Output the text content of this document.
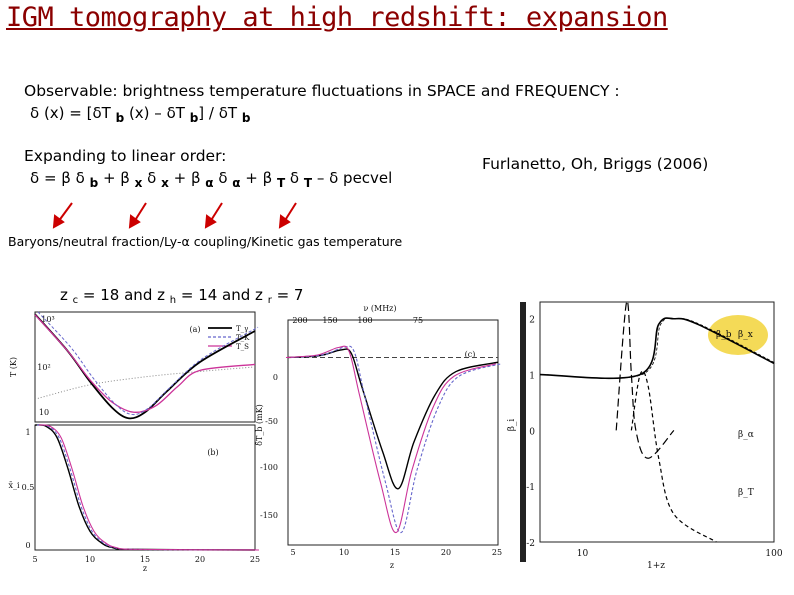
IGM tomography at high redshift: expansion
Observable: brightness temperature fluctuations in SPACE and FREQUENCY :
δ (x) = [δT $_b$ (x) – δT $_b$] / δT $_b$
Expanding to linear order:
δ = β δ $_b$ + β $_x$ δ $_x$ + β $_\alpha$ δ $_\alpha$ + β $_T$ δ $_T$ – δ pecvel
Furlanetto, Oh, Briggs (2006)
Baryons/neutral fraction/Ly-α coupling/Kinetic gas temperature
z $_c$ = 18 and z $_h$ = 14 and z $_r$ = 7
10³
10²
10
T (K)
(a)	T_γ
T_K
T_S
1
0.5
0
x̄_i
(b)
5	10	15	20	25
z
ν (MHz)
200 150 100	75
0
-50
-100
-150
δT_b (mK)
(c)
5	10	15	20	25
z
2
1
0
-1
-2
β_i
10	100
1+z
β_b β_x
β_α
β_T
